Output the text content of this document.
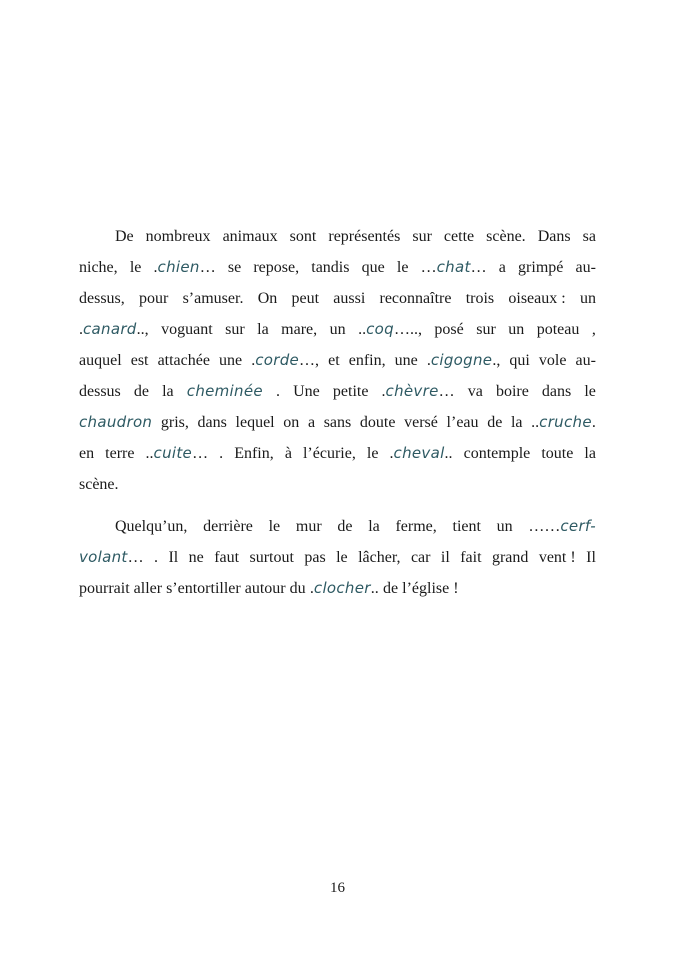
De nombreux animaux sont représentés sur cette scène. Dans sa
niche, le .chien… se repose, tandis que le …chat… a grimpé au-
dessus, pour s’amuser. On peut aussi reconnaître trois oiseaux : un
.canard.., voguant sur la mare, un ..coq….., posé sur un poteau ,
auquel est attachée une .corde…, et enfin, une .cigogne., qui vole au-
dessus de la cheminée . Une petite .chèvre… va boire dans le
chaudron gris, dans lequel on a sans doute versé l’eau de la ..cruche.
en terre ..cuite… . Enfin, à l’écurie, le .cheval.. contemple toute la
scène.
Quelqu’un, derrière le mur de la ferme, tient un ……cerf-
volant… . Il ne faut surtout pas le lâcher, car il fait grand vent ! Il
pourrait aller s’entortiller autour du .clocher.. de l’église !
16
